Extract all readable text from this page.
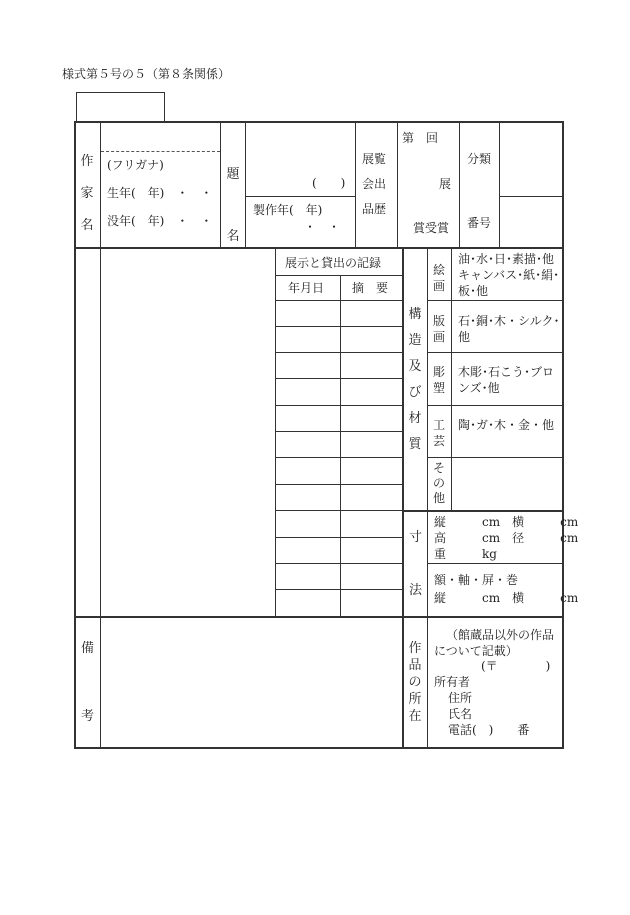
様式第５号の５（第８条関係）
作家名
(フリガナ)
生年(　年)　・　・
没年(　年)　・　・
題名
(　　)
製作年(　年)
・　・
展覧
会出
品歴
第　回
展
賞受賞
分類
番号
展示と貸出の記録
年月日 摘　要
構造及び材質
絵画
油･水･日･素描･他 キャンバス･紙･絹･板･他
版画
石･銅･木・シルク･他
彫塑
木彫･石こう･ブロンズ･他
工芸
陶･ガ･木・金・他
その他
寸
法
縦　　　cm　横　　　cm
高　　　cm　径　　　cm
重　　　kg
額・軸・屏・巻
縦　　　cm　横　　　cm
備
考
作品の所在
（館蔵品以外の作品について記載）
(〒　　　　)
所有者
住所
氏名
電話(　)　　番
